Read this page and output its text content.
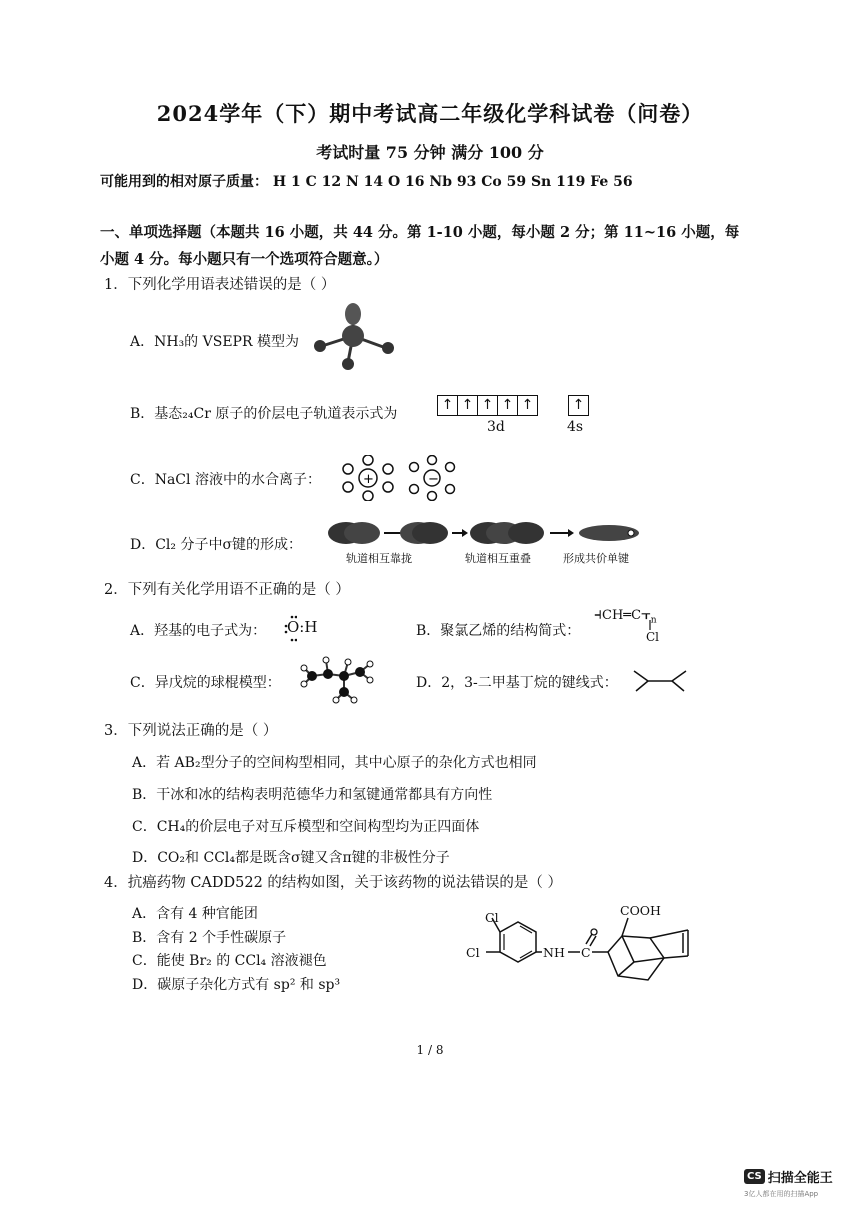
2024学年（下）期中考试高二年级化学科试卷（问卷）
考试时量 75 分钟 满分 100 分
可能用到的相对原子质量： H 1 C 12 N 14 O 16 Nb 93 Co 59 Sn 119 Fe 56
一、单项选择题（本题共 16 小题，共 44 分。第 1-10 小题，每小题 2 分；第 11~16 小题，每小题 4 分。每小题只有一个选项符合题意。）
1．下列化学用语表述错误的是（ ）
A．NH₃的 VSEPR 模型为
B．基态₂₄Cr 原子的价层电子轨道表示式为
↑ ↑ ↑ ↑ ↑	↑
3d	4s
C．NaCl 溶液中的水合离子：	+	−
D．Cl₂ 分子中σ键的形成：
轨道相互靠拢	轨道相互重叠	形成共价单键
2．下列有关化学用语不正确的是（ ）
A．羟基的电子式为： O:H	B．聚氯乙烯的结构简式：
$⫞CH═C⫟_n$
Cl
C．异戊烷的球棍模型：	D．2，3-二甲基丁烷的键线式：
3．下列说法正确的是（ ）
A．若 AB₂型分子的空间构型相同，其中心原子的杂化方式也相同
B．干冰和冰的结构表明范德华力和氢键通常都具有方向性
C．CH₄的价层电子对互斥模型和空间构型均为正四面体
D．CO₂和 CCl₄都是既含σ键又含π键的非极性分子
4．抗癌药物 CADD522 的结构如图，关于该药物的说法错误的是（ ）
A．含有 4 种官能团
B．含有 2 个手性碳原子
C．能使 Br₂ 的 CCl₄ 溶液褪色
D．碳原子杂化方式有 sp² 和 sp³
Cl
Cl	NH C
COOH
1 / 8
CS 扫描全能王
3亿人都在用的扫描App
